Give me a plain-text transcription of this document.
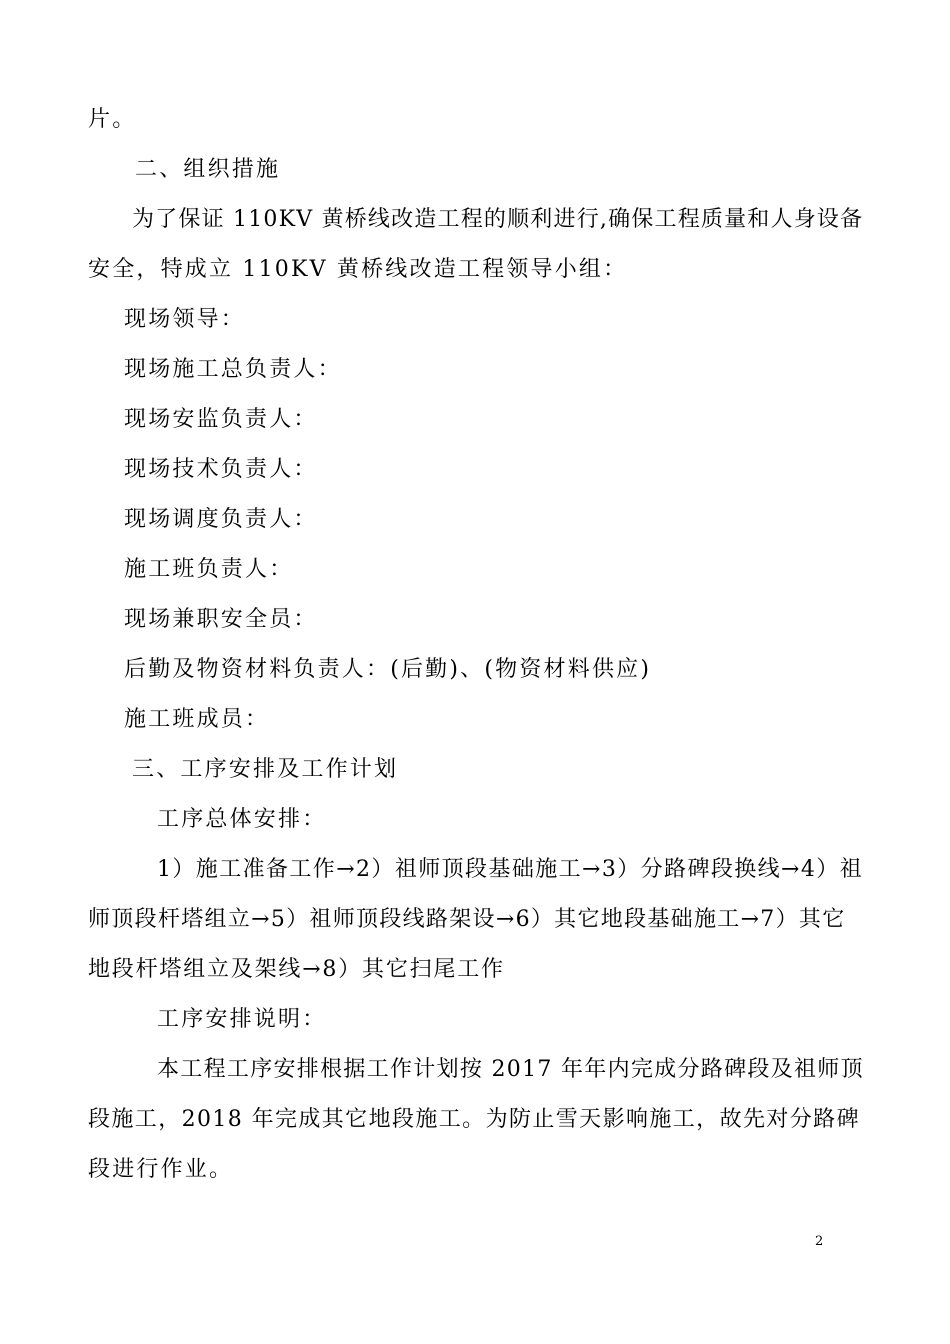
片。
二、组织措施
为了保证 110KV 黄桥线改造工程的顺利进行,确保工程质量和人身设备
安全，特成立 110KV 黄桥线改造工程领导小组：
现场领导：
现场施工总负责人：
现场安监负责人：
现场技术负责人：
现场调度负责人：
施工班负责人：
现场兼职安全员：
后勤及物资材料负责人：(后勤)、(物资材料供应)
施工班成员：
三、工序安排及工作计划
工序总体安排：
1）施工准备工作→2）祖师顶段基础施工→3）分路碑段换线→4）祖
师顶段杆塔组立→5）祖师顶段线路架设→6）其它地段基础施工→7）其它
地段杆塔组立及架线→8）其它扫尾工作
工序安排说明：
本工程工序安排根据工作计划按 2017 年年内完成分路碑段及祖师顶
段施工，2018 年完成其它地段施工。为防止雪天影响施工，故先对分路碑
段进行作业。
2
